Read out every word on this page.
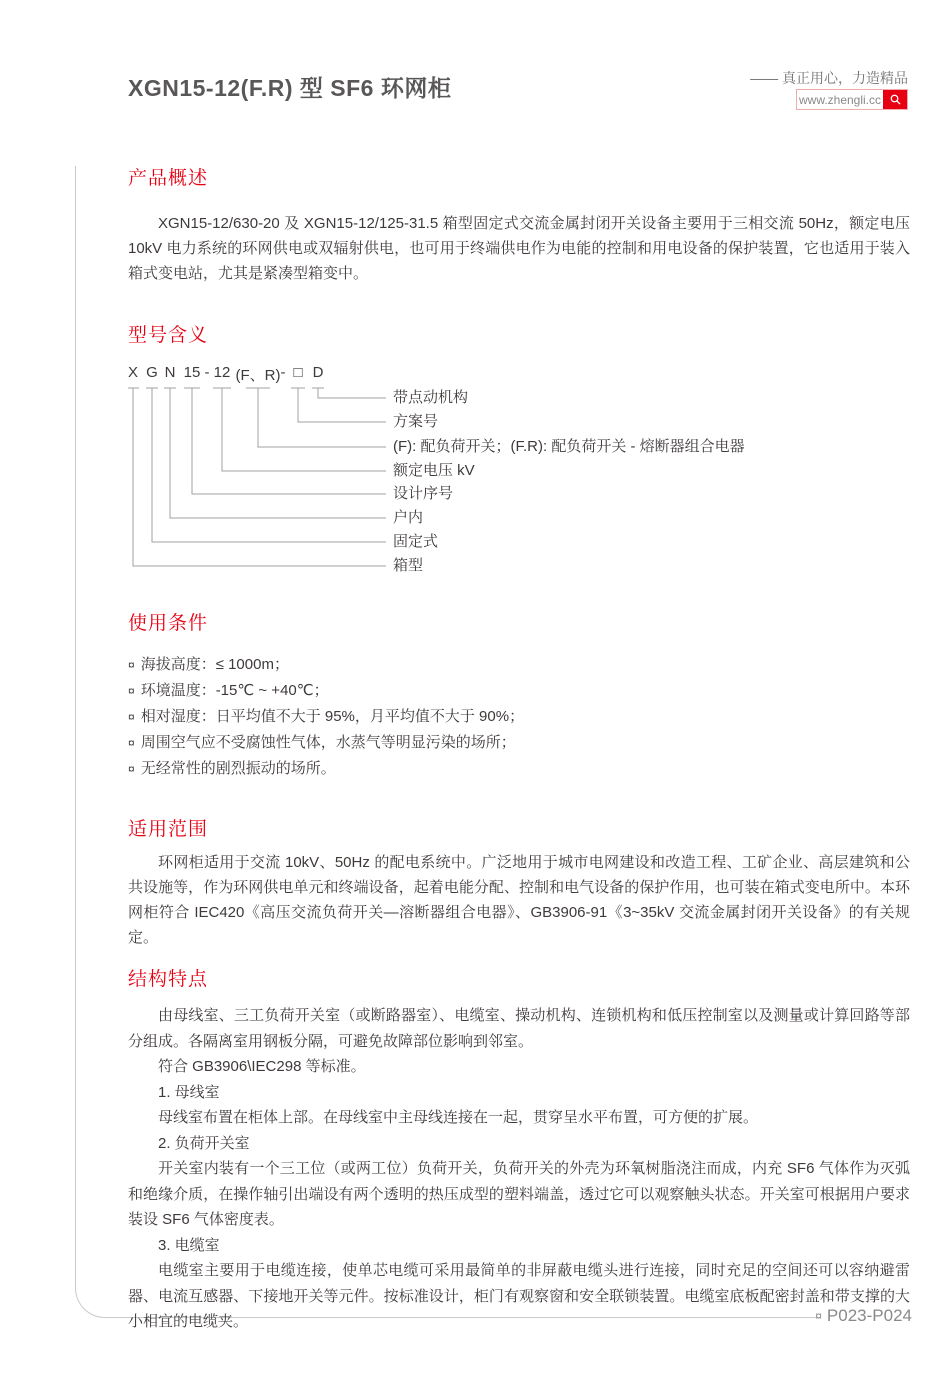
XGN15-12(F.R) 型 SF6 环网柜	—— 真正用心，力造精品
www.zhengli.cc
产品概述
XGN15-12/630-20 及 XGN15-12/125-31.5 箱型固定式交流金属封闭开关设备主要用于三相交流 50Hz，额定电压 10kV 电力系统的环网供电或双辐射供电，也可用于终端供电作为电能的控制和用电设备的保护装置，它也适用于装入箱式变电站，尤其是紧凑型箱变中。
型号含义
X G N 15 - 12 (F、R) - □ D
带点动机构
方案号
(F): 配负荷开关；(F.R): 配负荷开关 - 熔断器组合电器
额定电压 kV
设计序号
户内
固定式
箱型
使用条件
¤ 海拔高度：≤ 1000m；
¤ 环境温度：-15℃ ~ +40℃；
¤ 相对湿度：日平均值不大于 95%，月平均值不大于 90%；
¤ 周围空气应不受腐蚀性气体，水蒸气等明显污染的场所；
¤ 无经常性的剧烈振动的场所。
适用范围
环网柜适用于交流 10kV、50Hz 的配电系统中。广泛地用于城市电网建设和改造工程、工矿企业、高层建筑和公共设施等，作为环网供电单元和终端设备，起着电能分配、控制和电气设备的保护作用，也可装在箱式变电所中。本环网柜符合 IEC420《高压交流负荷开关—溶断器组合电器》、GB3906-91《3~35kV 交流金属封闭开关设备》的有关规定。
结构特点

由母线室、三工负荷开关室（或断路器室）、电缆室、操动机构、连锁机构和低压控制室以及测量或计算回路等部分组成。各隔离室用钢板分隔，可避免故障部位影响到邻室。

符合 GB3906\IEC298 等标准。

1. 母线室

母线室布置在柜体上部。在母线室中主母线连接在一起，贯穿呈水平布置，可方便的扩展。

2. 负荷开关室

开关室内装有一个三工位（或两工位）负荷开关，负荷开关的外壳为环氧树脂浇注而成，内充 SF6 气体作为灭弧和绝缘介质，在操作轴引出端设有两个透明的热压成型的塑料端盖，透过它可以观察触头状态。开关室可根据用户要求装设 SF6 气体密度表。

3. 电缆室

电缆室主要用于电缆连接，使单芯电缆可采用最简单的非屏蔽电缆头进行连接，同时充足的空间还可以容纳避雷器、电流互感器、下接地开关等元件。按标准设计，柜门有观察窗和安全联锁装置。电缆室底板配密封盖和带支撑的大小相宜的电缆夹。	¤ P023-P024
